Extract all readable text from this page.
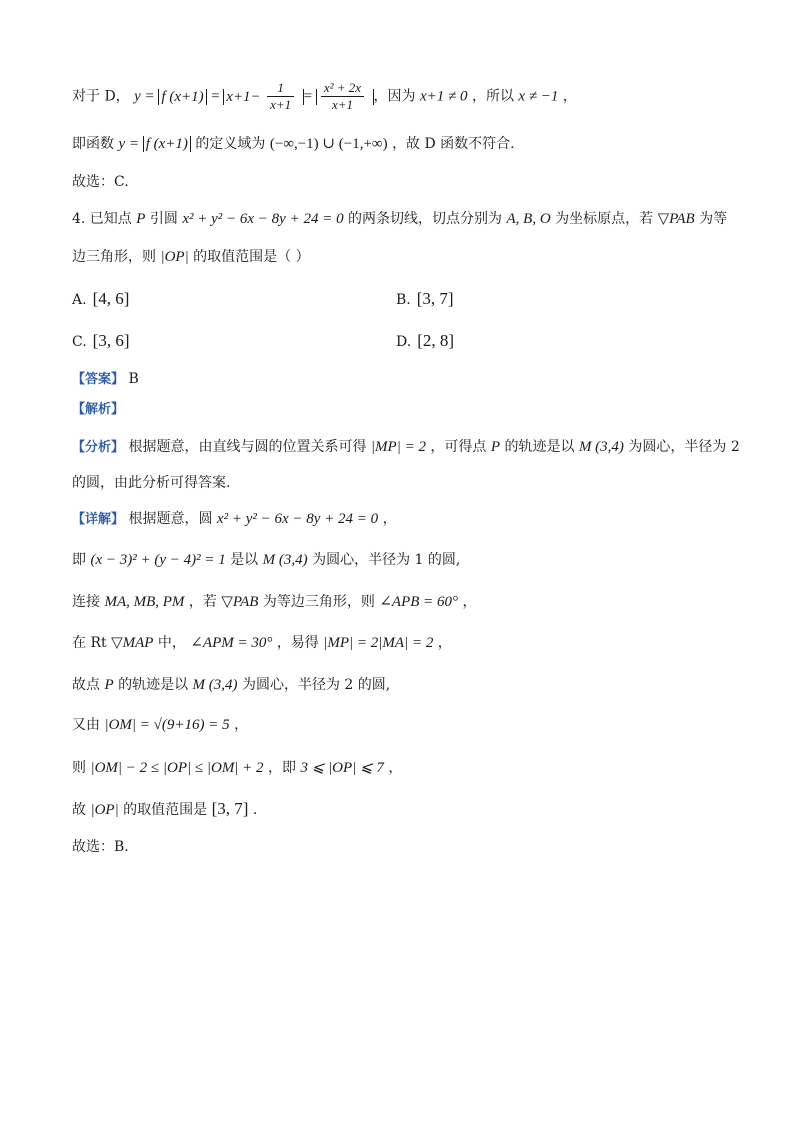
对于 D， y = f $(x+1) = x+1- \frac{1}{x+1} = \frac{\text{x² + 2x}}{x+1}$ ，因为 x+1 ≠ 0 ，所以 x ≠ −1 ，
即函数 y = f (x+1) 的定义域为 (−∞,−1) ∪ (−1,+∞) ，故 D 函数不符合.
故选：C.
4. 已知点 P 引圆 x² + y² − 6x − 8y + 24 = 0 的两条切线，切点分别为 A, B, O 为坐标原点，若 ▽PAB 为等
边三角形，则 |OP| 的取值范围是（ ）
A. [4, 6]	B. [3, 7]
C. [3, 6]	D. [2, 8]
【答案】 B
【解析】
【分析】 根据题意，由直线与圆的位置关系可得 |MP| = 2 ，可得点 P 的轨迹是以 M (3,4) 为圆心，半径为 2
的圆，由此分析可得答案.
【详解】 根据题意，圆 x² + y² − 6x − 8y + 24 = 0 ，
即 (x − 3)² + (y − 4)² = 1 是以 M (3,4) 为圆心，半径为 1 的圆,
连接 MA, MB, PM ，若 ▽PAB 为等边三角形，则 ∠APB = 60° ，
在 Rt ▽MAP 中， ∠APM = 30° ，易得 |MP| = 2|MA| = 2 ，
故点 P 的轨迹是以 M (3,4) 为圆心，半径为 2 的圆,
又由 |OM| = √(9+16) = 5 ，
则 |OM| − 2 ≤ |OP| ≤ |OM| + 2 ，即 3 ⩽ |OP| ⩽ 7 ，
故 |OP| 的取值范围是 [3, 7] .
故选：B.
